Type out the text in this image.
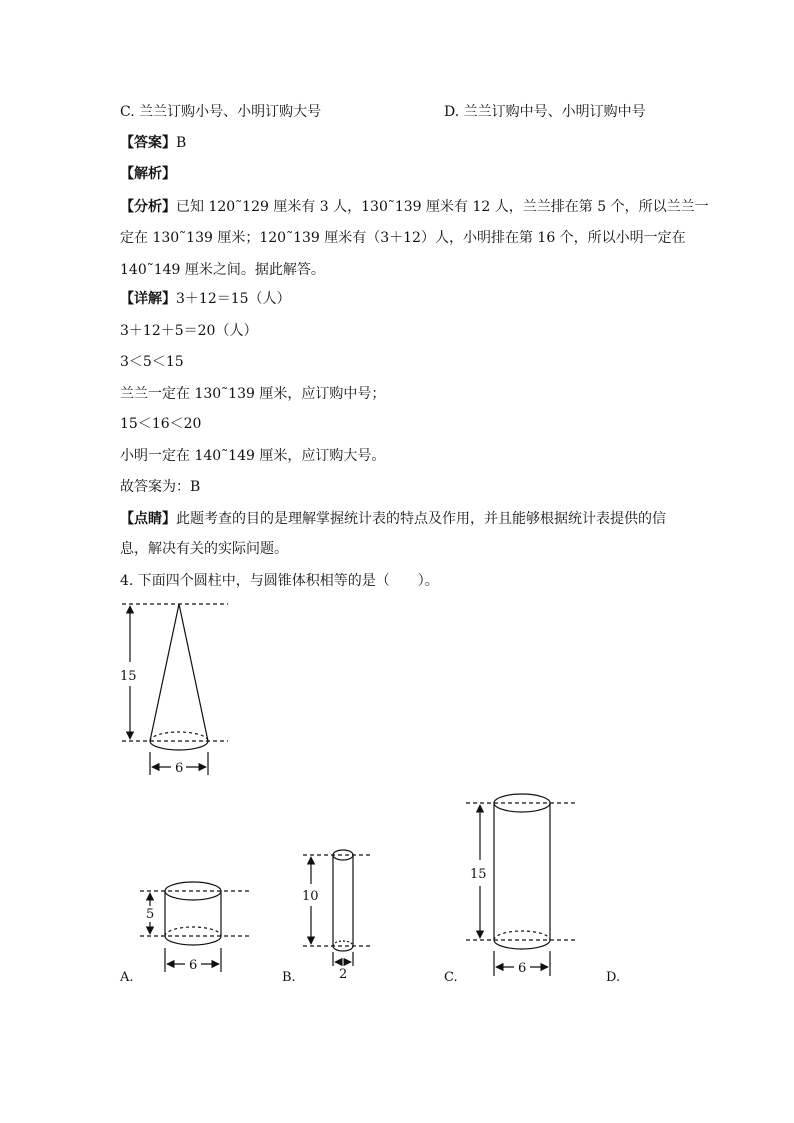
C. 兰兰订购小号、小明订购大号	D. 兰兰订购中号、小明订购中号
【答案】B
【解析】
【分析】已知 120˜129 厘米有 3 人，130˜139 厘米有 12 人，兰兰排在第 5 个，所以兰兰一
定在 130˜139 厘米；120˜139 厘米有（3＋12）人，小明排在第 16 个，所以小明一定在
140˜149 厘米之间。据此解答。
【详解】3＋12＝15（人）
3＋12＋5＝20（人）
3＜5＜15
兰兰一定在 130˜139 厘米，应订购中号；
15＜16＜20
小明一定在 140˜149 厘米，应订购大号。
故答案为：B
【点睛】此题考查的目的是理解掌握统计表的特点及作用，并且能够根据统计表提供的信
息，解决有关的实际问题。
4. 下面四个圆柱中，与圆锥体积相等的是（　　）。
15
6
5
6
10
2
15
6
A.	B.	C.	D.
